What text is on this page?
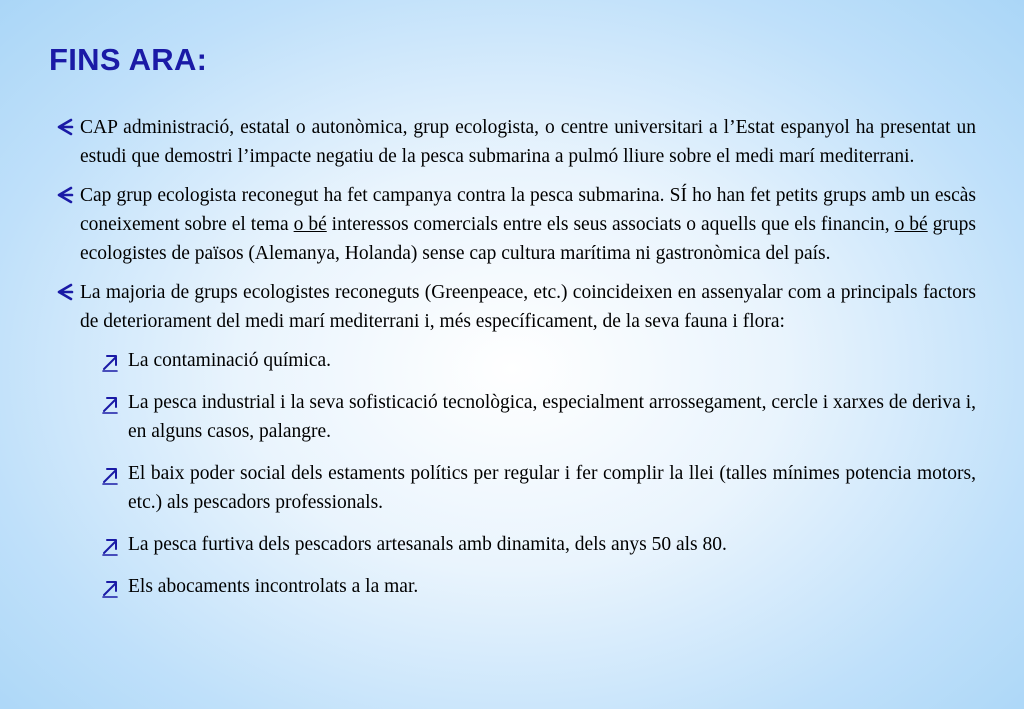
FINS ARA:
CAP administració, estatal o autonòmica, grup ecologista, o centre universitari a l’Estat espanyol ha presentat un estudi que demostri l’impacte negatiu de la pesca submarina a pulmó lliure sobre el medi marí mediterrani.
Cap grup ecologista reconegut ha fet campanya contra la pesca submarina. SÍ ho han fet petits grups amb un escàs coneixement sobre el tema o bé interessos comercials entre els seus associats o aquells que els financin, o bé grups ecologistes de països (Alemanya, Holanda) sense cap cultura marítima ni gastronòmica del país.
La majoria de grups ecologistes reconeguts (Greenpeace, etc.) coincideixen en assenyalar com a principals factors de deteriorament del medi marí mediterrani i, més específicament, de la seva fauna i flora:
La contaminació química.
La pesca industrial i la seva sofisticació tecnològica, especialment arrossegament, cercle i xarxes de deriva i, en alguns casos, palangre.
El baix poder social dels estaments polítics per regular i fer complir la llei (talles mínimes potencia motors, etc.) als pescadors professionals.
La pesca furtiva dels pescadors artesanals amb dinamita, dels anys 50 als 80.
Els abocaments incontrolats a la mar.
